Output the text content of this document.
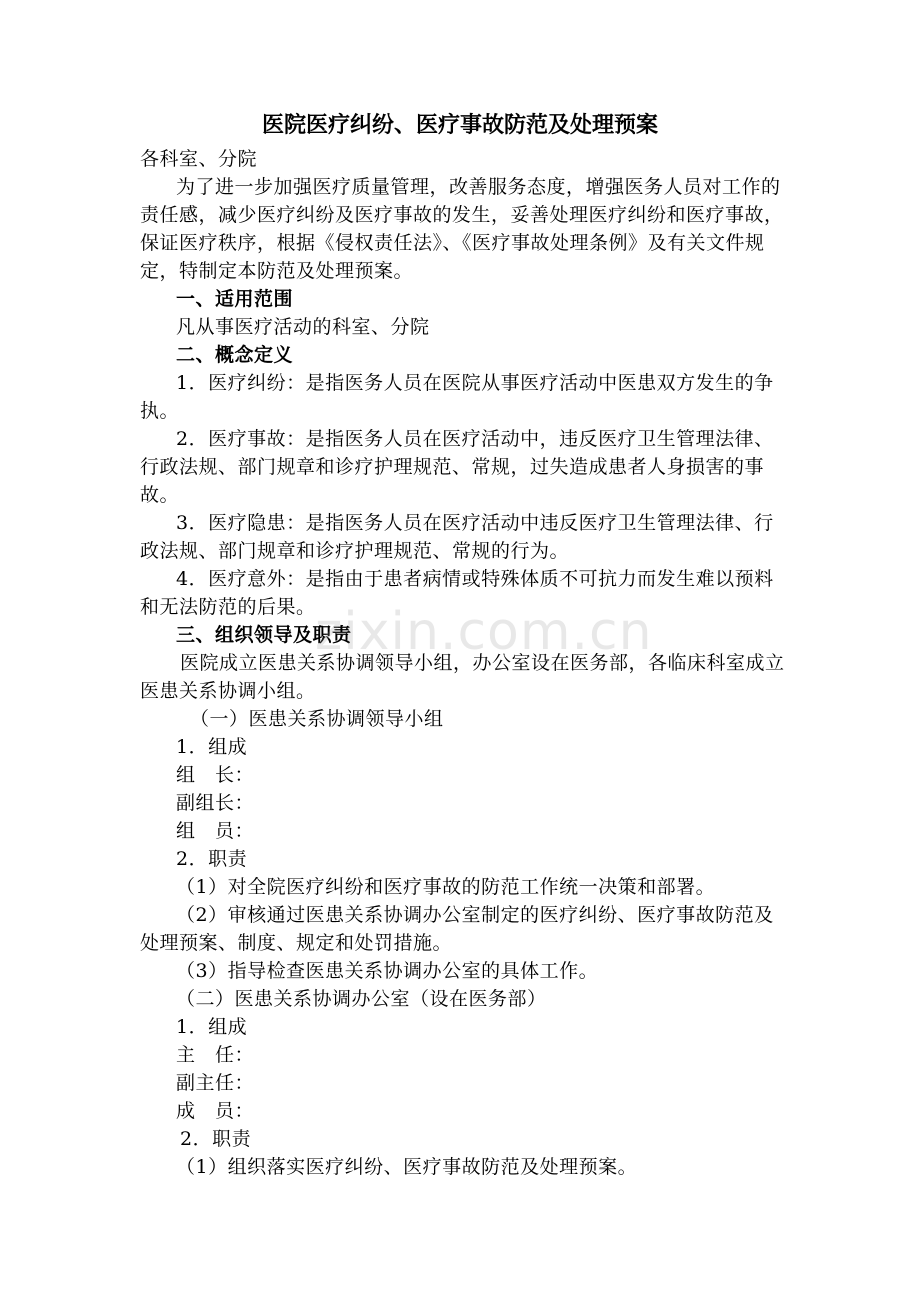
医院医疗纠纷、医疗事故防范及处理预案

各科室、分院

为了进一步加强医疗质量管理，改善服务态度，增强医务人员对工作的责任感，减少医疗纠纷及医疗事故的发生，妥善处理医疗纠纷和医疗事故，保证医疗秩序，根据《侵权责任法》、《医疗事故处理条例》及有关文件规定，特制定本防范及处理预案。

一、适用范围

凡从事医疗活动的科室、分院

二、概念定义

1．医疗纠纷：是指医务人员在医院从事医疗活动中医患双方发生的争执。

2．医疗事故：是指医务人员在医疗活动中，违反医疗卫生管理法律、行政法规、部门规章和诊疗护理规范、常规，过失造成患者人身损害的事故。

3．医疗隐患：是指医务人员在医疗活动中违反医疗卫生管理法律、行政法规、部门规章和诊疗护理规范、常规的行为。

4．医疗意外：是指由于患者病情或特殊体质不可抗力而发生难以预料和无法防范的后果。

三、组织领导及职责

医院成立医患关系协调领导小组，办公室设在医务部，各临床科室成立医患关系协调小组。

（一）医患关系协调领导小组

1．组成

组　长：

副组长：

组　员：

2．职责

（1）对全院医疗纠纷和医疗事故的防范工作统一决策和部署。

（2）审核通过医患关系协调办公室制定的医疗纠纷、医疗事故防范及处理预案、制度、规定和处罚措施。

（3）指导检查医患关系协调办公室的具体工作。

（二）医患关系协调办公室（设在医务部）

1．组成

主　任：

副主任：

成　员：

2．职责

（1）组织落实医疗纠纷、医疗事故防范及处理预案。

zixin.com.cn
